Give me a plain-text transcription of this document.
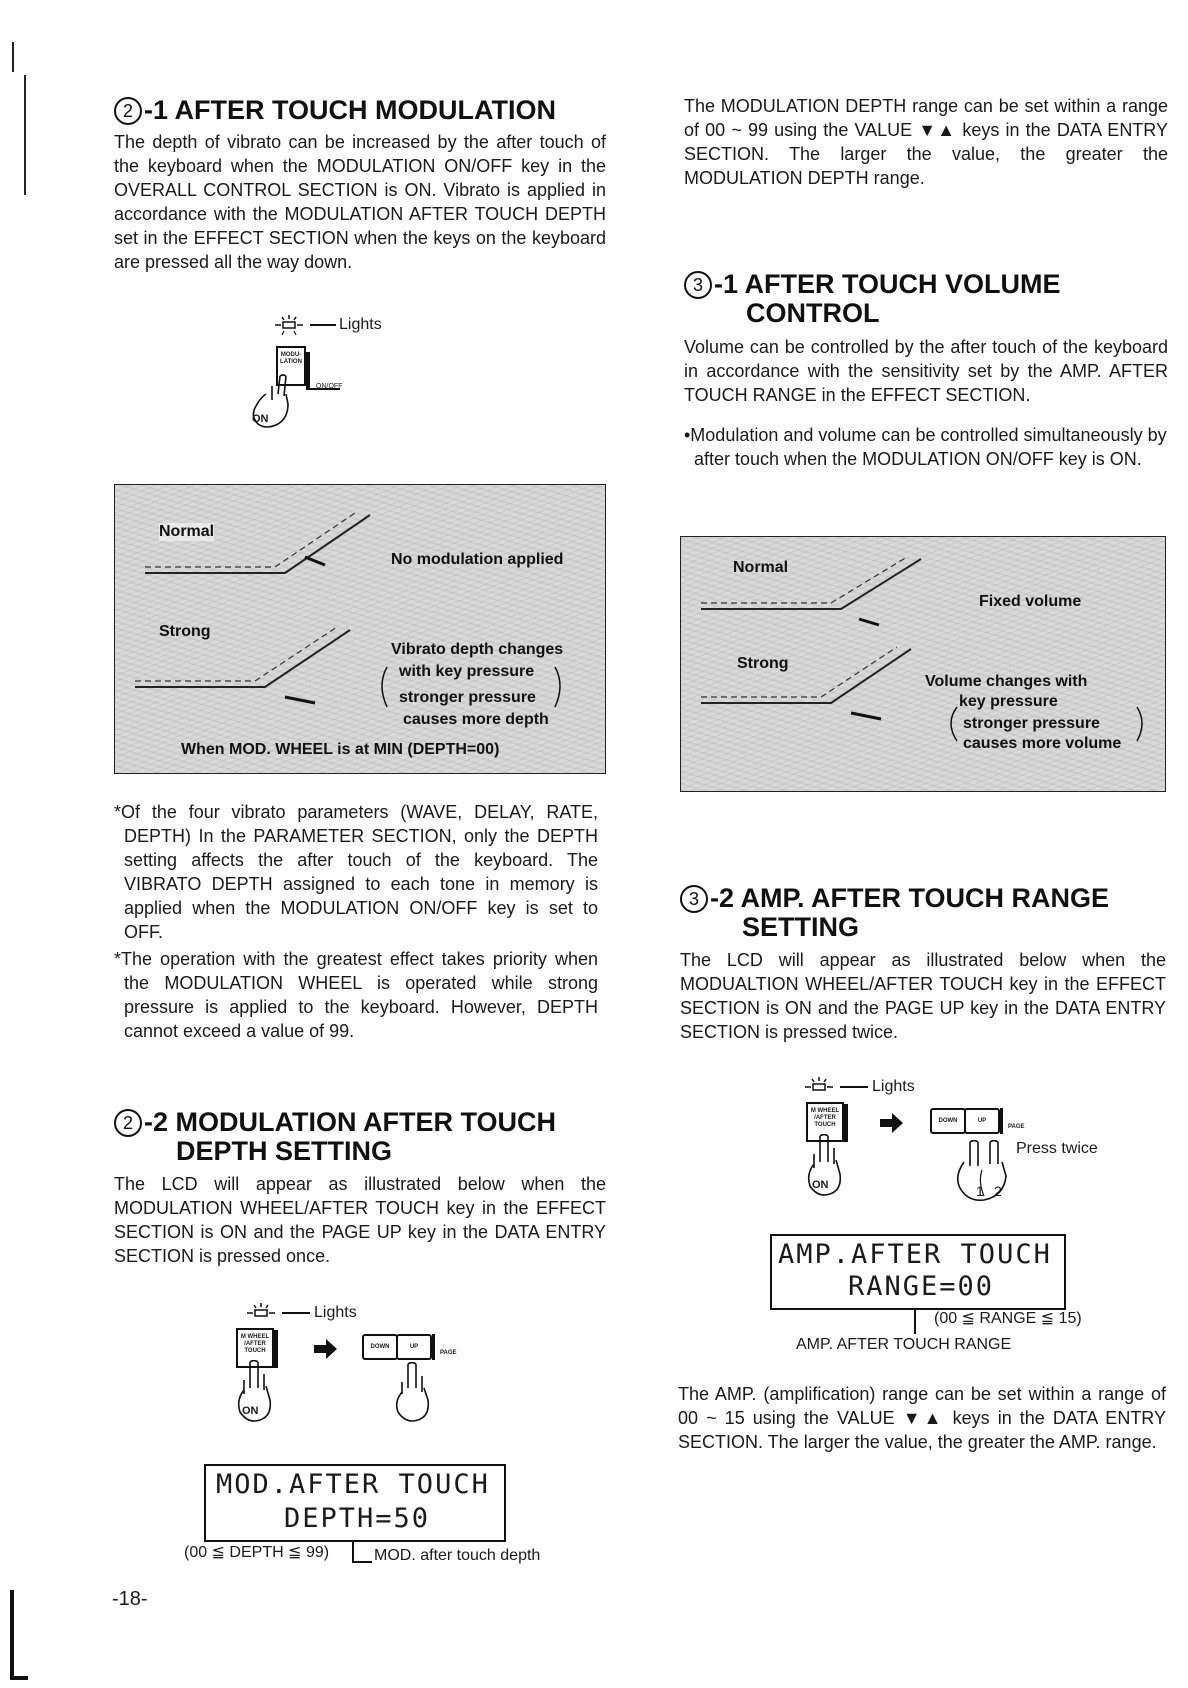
2 -1 AFTER TOUCH MODULATION

The depth of vibrato can be increased by the after touch of the keyboard when the MODULATION ON/OFF key in the OVERALL CONTROL SECTION is ON. Vibrato is applied in accordance with the MODULATION AFTER TOUCH DEPTH set in the EFFECT SECTION when the keys on the keyboard are pressed all the way down.

Lights
MODU-LATION
ON/OFF
ON
Normal
No modulation applied
Strong
Vibrato depth changes
with key pressure
stronger pressure
causes more depth
When MOD. WHEEL is at MIN (DEPTH=00)

*Of the four vibrato parameters (WAVE, DELAY, RATE, DEPTH) In the PARAMETER SECTION, only the DEPTH setting affects the after touch of the keyboard. The VIBRATO DEPTH assigned to each tone in memory is applied when the MODULATION ON/OFF key is set to OFF.

*The operation with the greatest effect takes priority when the MODULATION WHEEL is operated while strong pressure is applied to the keyboard. However, DEPTH cannot exceed a value of 99.

2 -2 MODULATION AFTER TOUCH
DEPTH SETTING

The LCD will appear as illustrated below when the MODULATION WHEEL/AFTER TOUCH key in the EFFECT SECTION is ON and the PAGE UP key in the DATA ENTRY SECTION is pressed once.

Lights
M WHEEL /AFTER TOUCH
ON
DOWN	UP
PAGE

MOD.AFTER TOUCH

DEPTH=50

(00 ≦ DEPTH ≦ 99)	MOD. after touch depth
-18-

The MODULATION DEPTH range can be set within a range of 00 ~ 99 using the VALUE ▼▲ keys in the DATA ENTRY SECTION. The larger the value, the greater the MODULATION DEPTH range.

3 -1 AFTER TOUCH VOLUME
CONTROL

Volume can be controlled by the after touch of the keyboard in accordance with the sensitivity set by the AMP. AFTER TOUCH RANGE in the EFFECT SECTION.

•Modulation and volume can be controlled simultaneously by after touch when the MODULATION ON/OFF key is ON.

Normal
Fixed volume
Strong
Volume changes with
key pressure
stronger pressure
causes more volume
3 -2 AMP. AFTER TOUCH RANGE
SETTING

The LCD will appear as illustrated below when the MODUALTION WHEEL/AFTER TOUCH key in the EFFECT SECTION is ON and the PAGE UP key in the DATA ENTRY SECTION is pressed twice.

Lights
M WHEEL /AFTER TOUCH
ON
DOWN	UP
PAGE
Press twice
1 2

AMP.AFTER TOUCH

RANGE=00

(00 ≦ RANGE ≦ 15)
AMP. AFTER TOUCH RANGE

The AMP. (amplification) range can be set within a range of 00 ~ 15 using the VALUE ▼▲ keys in the DATA ENTRY SECTION. The larger the value, the greater the AMP. range.
